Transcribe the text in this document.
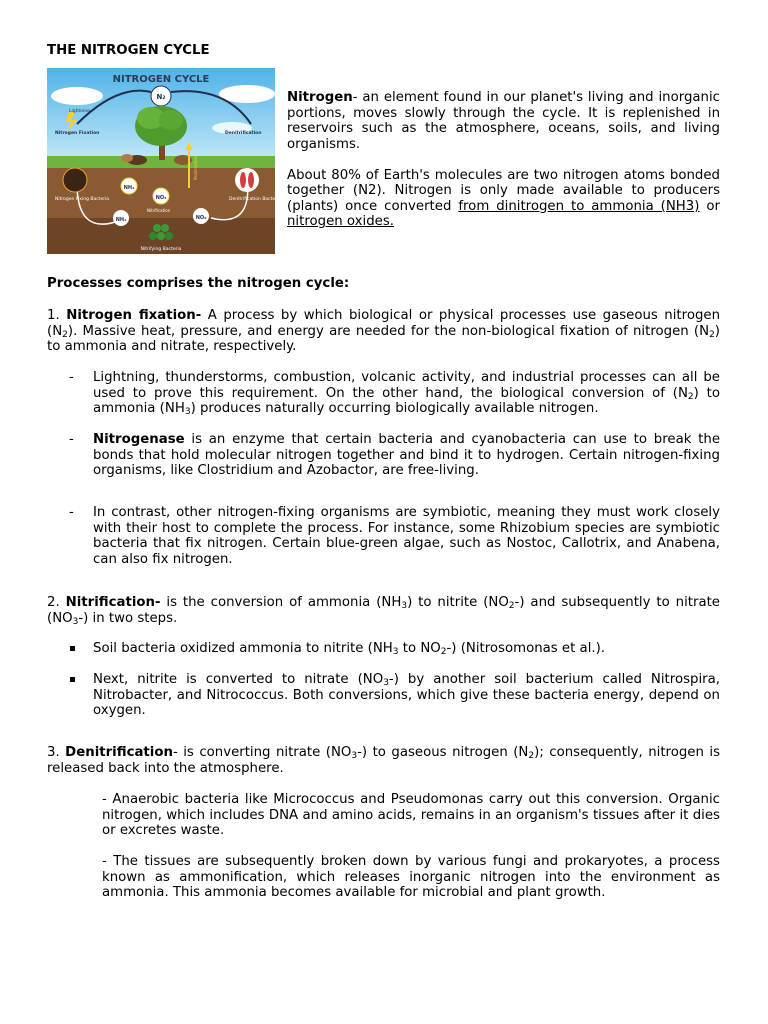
THE NITROGEN CYCLE
NITROGEN CYCLE
N₂
Lightning
Nitrogen Fixation	Denitrification
Nitrogen Fixing Bacteria	Denitrification Bacteria
NH₄
NO₃
NH₄	NO₂
Nitrification
Assimilation
Nitrifying Bacteria

Nitrogen- an element found in our planet's living and inorganic portions, moves slowly through the cycle. It is replenished in reservoirs such as the atmosphere, oceans, soils, and living organisms.

About 80% of Earth's molecules are two nitrogen atoms bonded together (N2). Nitrogen is only made available to producers (plants) once converted from dinitrogen to ammonia (NH3) or nitrogen oxides.

Processes comprises the nitrogen cycle:

1. Nitrogen fixation- A process by which biological or physical processes use gaseous nitrogen $(N_2)$. Massive heat, pressure, and energy are needed for the non-biological fixation of nitrogen $(N_2)$ to ammonia and nitrate, respectively.

- Lightning, thunderstorms, combustion, volcanic activity, and industrial processes can all be used to prove this requirement. On the other hand, the biological conversion of $(N_2)$ to ammonia $(NH_3)$ produces naturally occurring biologically available nitrogen.

- Nitrogenase is an enzyme that certain bacteria and cyanobacteria can use to break the bonds that hold molecular nitrogen together and bind it to hydrogen. Certain nitrogen-fixing organisms, like Clostridium and Azobactor, are free-living.

- In contrast, other nitrogen-fixing organisms are symbiotic, meaning they must work closely with their host to complete the process. For instance, some Rhizobium species are symbiotic bacteria that fix nitrogen. Certain blue-green algae, such as Nostoc, Callotrix, and Anabena, can also fix nitrogen.

2. Nitrification- is the conversion of ammonia $(NH_3)$ to nitrite $(NO_2-)$ and subsequently to nitrate $(NO_3-)$ in two steps.

Soil bacteria oxidized ammonia to nitrite ($NH_3$ to $NO_2-$) (Nitrosomonas et al.).

Next, nitrite is converted to nitrate $(NO_3-)$ by another soil bacterium called Nitrospira, Nitrobacter, and Nitrococcus. Both conversions, which give these bacteria energy, depend on oxygen.

3. Denitrification- is converting nitrate $(NO_3-)$ to gaseous nitrogen $(N_2)$; consequently, nitrogen is released back into the atmosphere.

- Anaerobic bacteria like Micrococcus and Pseudomonas carry out this conversion. Organic nitrogen, which includes DNA and amino acids, remains in an organism's tissues after it dies or excretes waste.

- The tissues are subsequently broken down by various fungi and prokaryotes, a process known as ammonification, which releases inorganic nitrogen into the environment as ammonia. This ammonia becomes available for microbial and plant growth.
